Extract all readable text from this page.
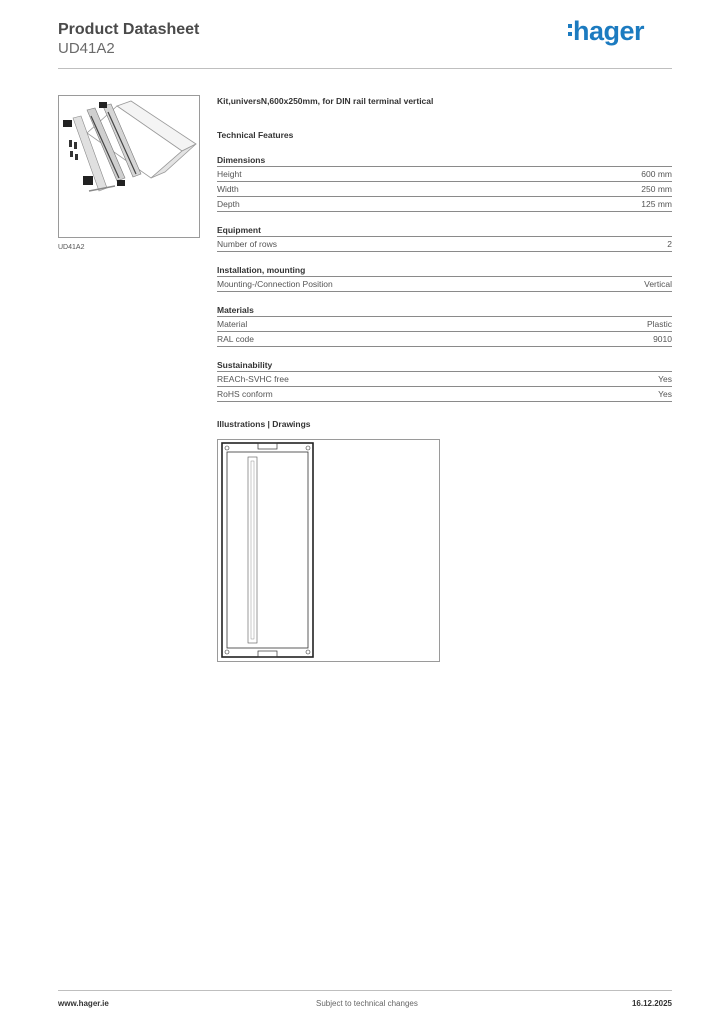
Product Datasheet
UD41A2
hager
UD41A2
Kit,universN,600x250mm, for DIN rail terminal vertical
Technical Features
Dimensions
Height	600 mm
Width	250 mm
Depth	125 mm
Equipment
Number of rows	2
Installation, mounting
Mounting-/Connection Position	Vertical
Materials
Material	Plastic
RAL code	9010
Sustainability
REACh-SVHC free	Yes
RoHS conform	Yes
Illustrations | Drawings
www.hager.ie	Subject to technical changes	16.12.2025
